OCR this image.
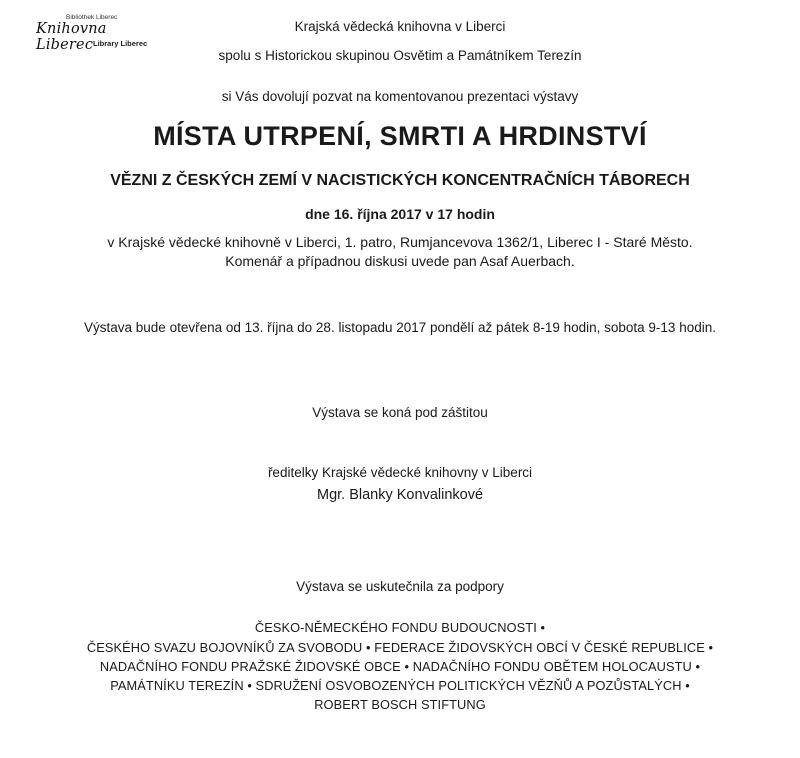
Bibliothek Liberec
Knihovna Liberec Library Liberec
Krajská vědecká knihovna v Liberci
spolu s Historickou skupinou Osvětim a Památníkem Terezín
si Vás dovolují pozvat na komentovanou prezentaci výstavy
MÍSTA UTRPENÍ, SMRTI A HRDINSTVÍ
VĚZNI Z ČESKÝCH ZEMÍ V NACISTICKÝCH KONCENTRAČNÍCH TÁBORECH
dne 16. října 2017 v 17 hodin
v Krajské vědecké knihovně v Liberci, 1. patro, Rumjancevova 1362/1, Liberec I - Staré Město.
Komenář a případnou diskusi uvede pan Asaf Auerbach.
Výstava bude otevřena od 13. října do 28. listopadu 2017 pondělí až pátek 8-19 hodin, sobota 9-13 hodin.
Výstava se koná pod záštitou
ředitelky Krajské vědecké knihovny v Liberci
Mgr. Blanky Konvalinkové
Výstava se uskutečnila za podpory
ČESKO-NĚMECKÉHO FONDU BUDOUCNOSTI •
ČESKÉHO SVAZU BOJOVNÍKŮ ZA SVOBODU • FEDERACE ŽIDOVSKÝCH OBCÍ V ČESKÉ REPUBLICE •
NADAČNÍHO FONDU PRAŽSKÉ ŽIDOVSKÉ OBCE • NADAČNÍHO FONDU OBĚTEM HOLOCAUSTU •
PAMÁTNÍKU TEREZÍN • SDRUŽENÍ OSVOBOZENÝCH POLITICKÝCH VĚZŇŮ A POZŮSTALÝCH •
ROBERT BOSCH STIFTUNG
